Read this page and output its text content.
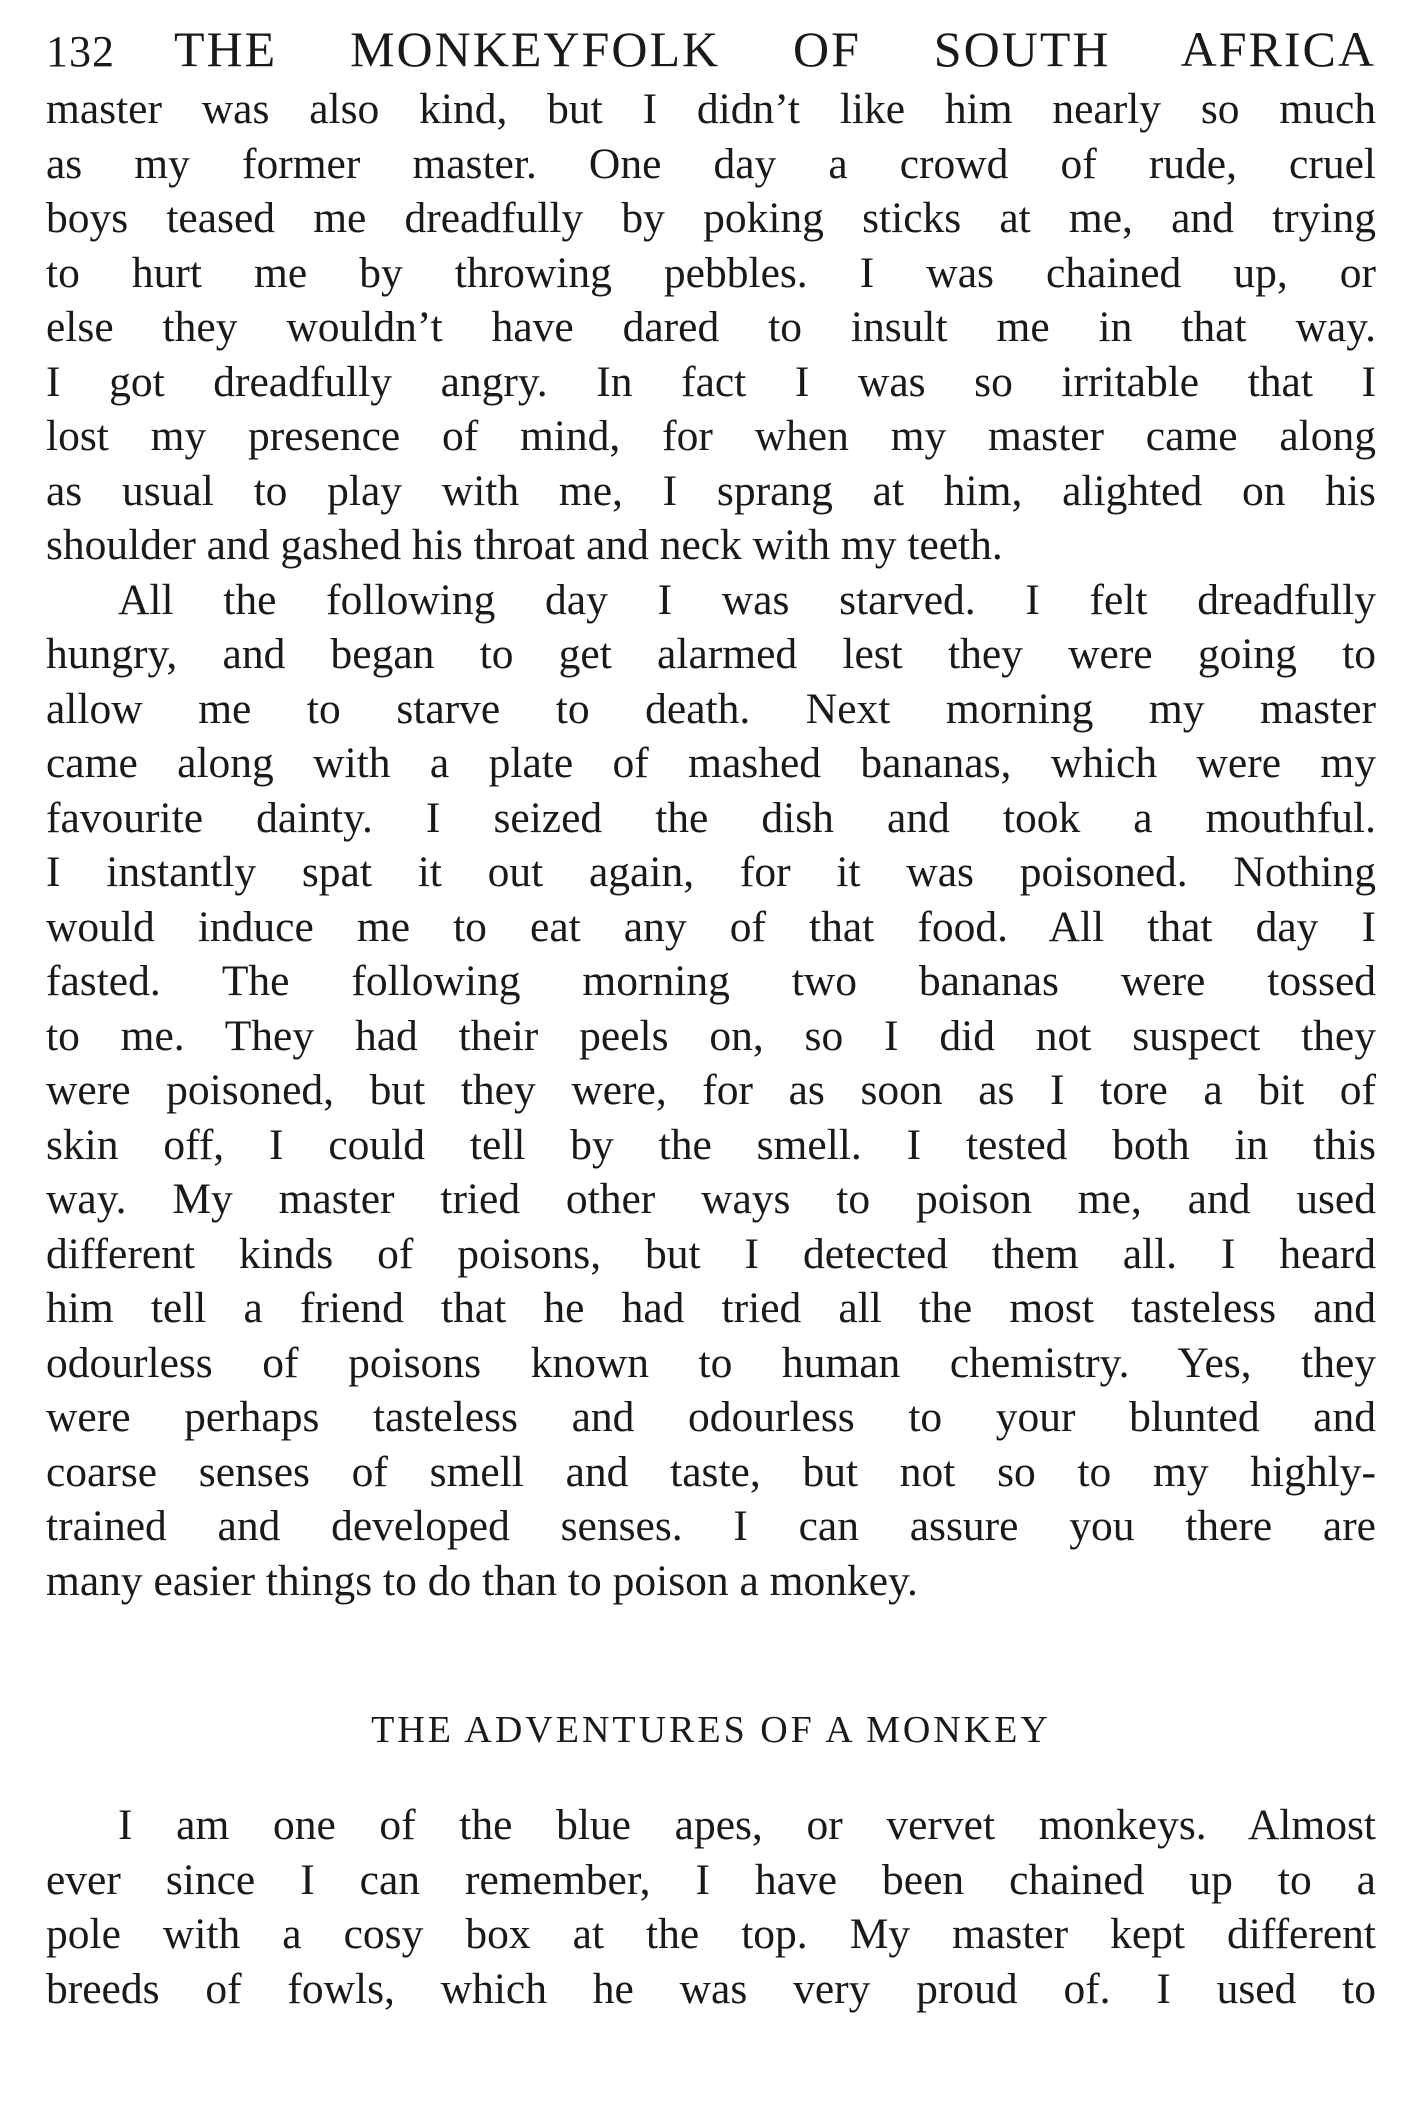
132	THE MONKEYFOLK OF SOUTH AFRICA

master was also kind, but I didn’t like him nearly so much
as my former master. One day a crowd of rude, cruel
boys teased me dreadfully by poking sticks at me, and trying
to hurt me by throwing pebbles. I was chained up, or
else they wouldn’t have dared to insult me in that way.
I got dreadfully angry. In fact I was so irritable that I
lost my presence of mind, for when my master came along
as usual to play with me, I sprang at him, alighted on his
shoulder and gashed his throat and neck with my teeth.

All the following day I was starved. I felt dreadfully
hungry, and began to get alarmed lest they were going to
allow me to starve to death. Next morning my master
came along with a plate of mashed bananas, which were my
favourite dainty. I seized the dish and took a mouthful.
I instantly spat it out again, for it was poisoned. Nothing
would induce me to eat any of that food. All that day I
fasted. The following morning two bananas were tossed
to me. They had their peels on, so I did not suspect they
were poisoned, but they were, for as soon as I tore a bit of
skin off, I could tell by the smell. I tested both in this
way. My master tried other ways to poison me, and used
different kinds of poisons, but I detected them all. I heard
him tell a friend that he had tried all the most tasteless and
odourless of poisons known to human chemistry. Yes, they
were perhaps tasteless and odourless to your blunted and
coarse senses of smell and taste, but not so to my highly-
trained and developed senses. I can assure you there are
many easier things to do than to poison a monkey.

THE ADVENTURES OF A MONKEY

I am one of the blue apes, or vervet monkeys. Almost
ever since I can remember, I have been chained up to a
pole with a cosy box at the top. My master kept different
breeds of fowls, which he was very proud of. I used to
